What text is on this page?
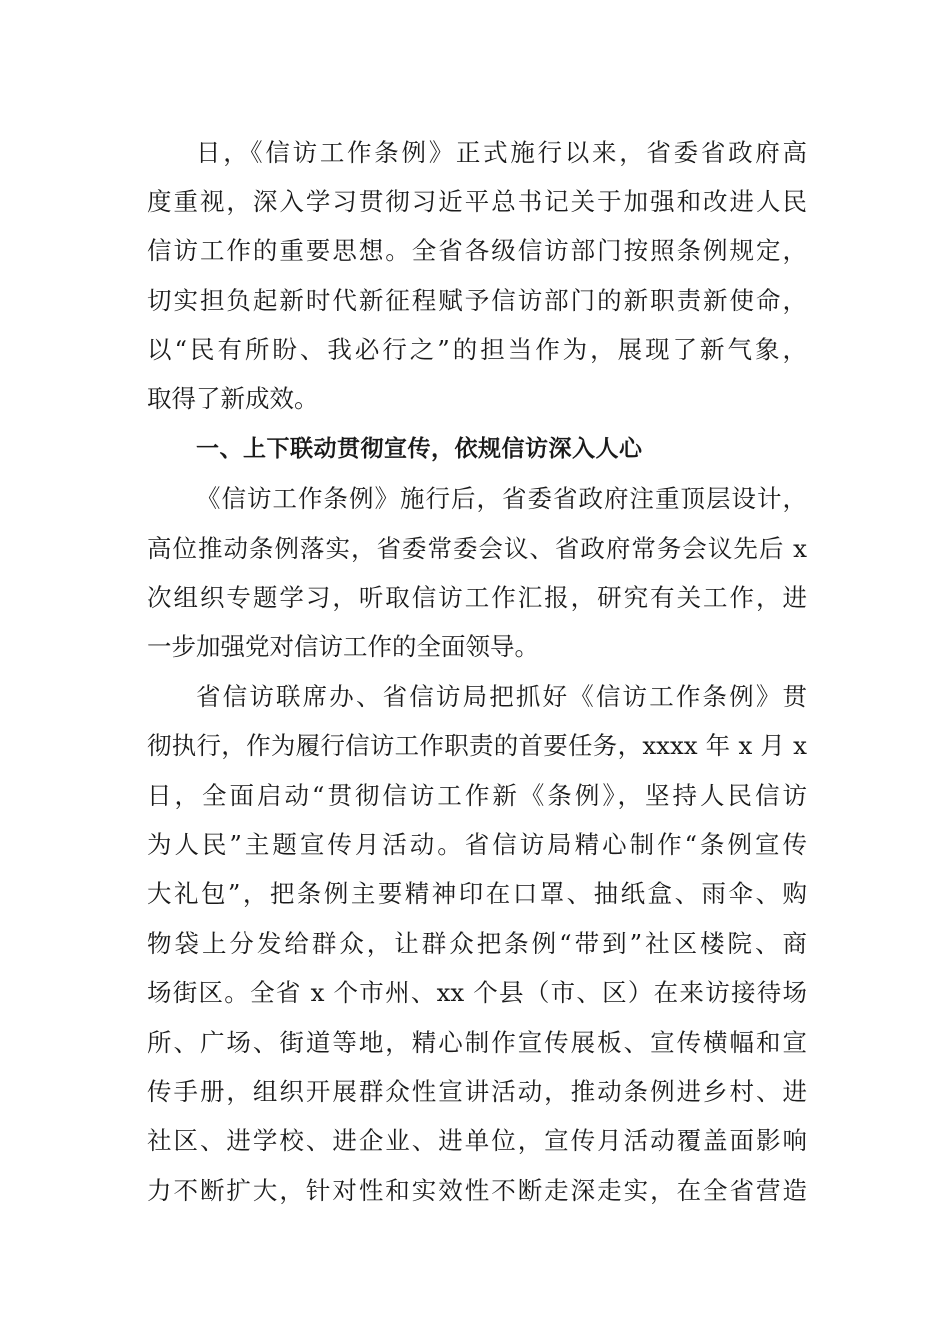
日，《信访工作条例》正式施行以来，省委省政府高
度重视，深入学习贯彻习近平总书记关于加强和改进人民
信访工作的重要思想。全省各级信访部门按照条例规定，
切实担负起新时代新征程赋予信访部门的新职责新使命，
以“民有所盼、我必行之”的担当作为，展现了新气象，
取得了新成效。
一、上下联动贯彻宣传，依规信访深入人心
《信访工作条例》施行后，省委省政府注重顶层设计，
高位推动条例落实，省委常委会议、省政府常务会议先后 x
次组织专题学习，听取信访工作汇报，研究有关工作，进
一步加强党对信访工作的全面领导。
省信访联席办、省信访局把抓好《信访工作条例》贯
彻执行，作为履行信访工作职责的首要任务，xxxx 年 x 月 x
日，全面启动“贯彻信访工作新《条例》，坚持人民信访
为人民”主题宣传月活动。省信访局精心制作“条例宣传
大礼包”，把条例主要精神印在口罩、抽纸盒、雨伞、购
物袋上分发给群众，让群众把条例“带到”社区楼院、商
场街区。全省 x 个市州、xx 个县（市、区）在来访接待场
所、广场、街道等地，精心制作宣传展板、宣传横幅和宣
传手册，组织开展群众性宣讲活动，推动条例进乡村、进
社区、进学校、进企业、进单位，宣传月活动覆盖面影响
力不断扩大，针对性和实效性不断走深走实，在全省营造
